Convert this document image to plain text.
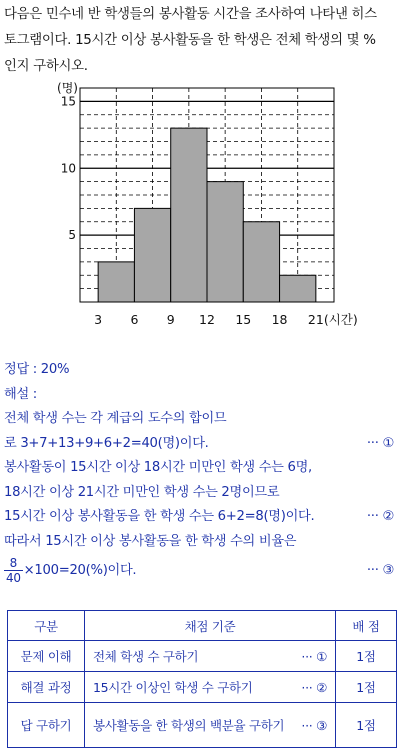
다음은 민수네 반 학생들의 봉사활동 시간을 조사하여 나타낸 히스
토그램이다. 15시간 이상 봉사활동을 한 학생은 전체 학생의 몇 %
인지 구하시오.
5
10
15
(명)
3 6 9 12 15 18 21 (시간)
정답 : 20%
해설 :
전체 학생 수는 각 계급의 도수의 합이므
로 3+7+13+9+6+2=40(명)이다.	··· ①
봉사활동이 15시간 이상 18시간 미만인 학생 수는 6명,
18시간 이상 21시간 미만인 학생 수는 2명이므로
15시간 이상 봉사활동을 한 학생 수는 6+2=8(명)이다.	··· ②
따라서 15시간 이상 봉사활동을 한 학생 수의 비율은
$\frac{8}{40} \times 100=20(\%)$이다.	··· ③
구분	채점 기준		배 점
문제 이해	전체 학생 수 구하기	··· ①	1점
해결 과정	15시간 이상인 학생 수 구하기	··· ②	1점
답 구하기	봉사활동을 한 학생의 백분율 구하기	··· ③	1점
